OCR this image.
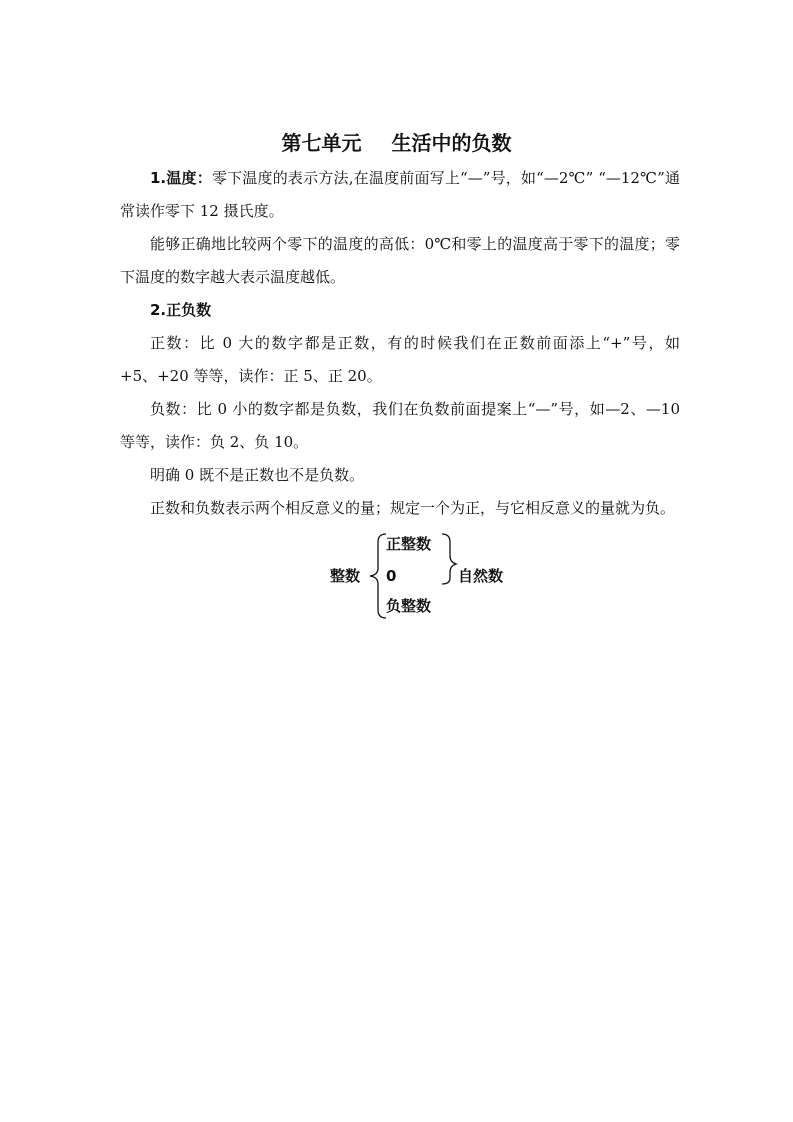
第七单元 生活中的负数

1.温度：零下温度的表示方法,在温度前面写上“—”号，如“—2℃” “—12℃”通常读作零下 12 摄氏度。

能够正确地比较两个零下的温度的高低：0℃和零上的温度高于零下的温度；零下温度的数字越大表示温度越低。

2.正负数

正数：比 0 大的数字都是正数，有的时候我们在正数前面添上“+”号，如+5、+20 等等，读作：正 5、正 20。

负数：比 0 小的数字都是负数，我们在负数前面提案上“—”号，如—2、—10 等等，读作：负 2、负 10。

明确 0 既不是正数也不是负数。

正数和负数表示两个相反意义的量；规定一个为正，与它相反意义的量就为负。

整数
正整数
0
负整数
自然数
